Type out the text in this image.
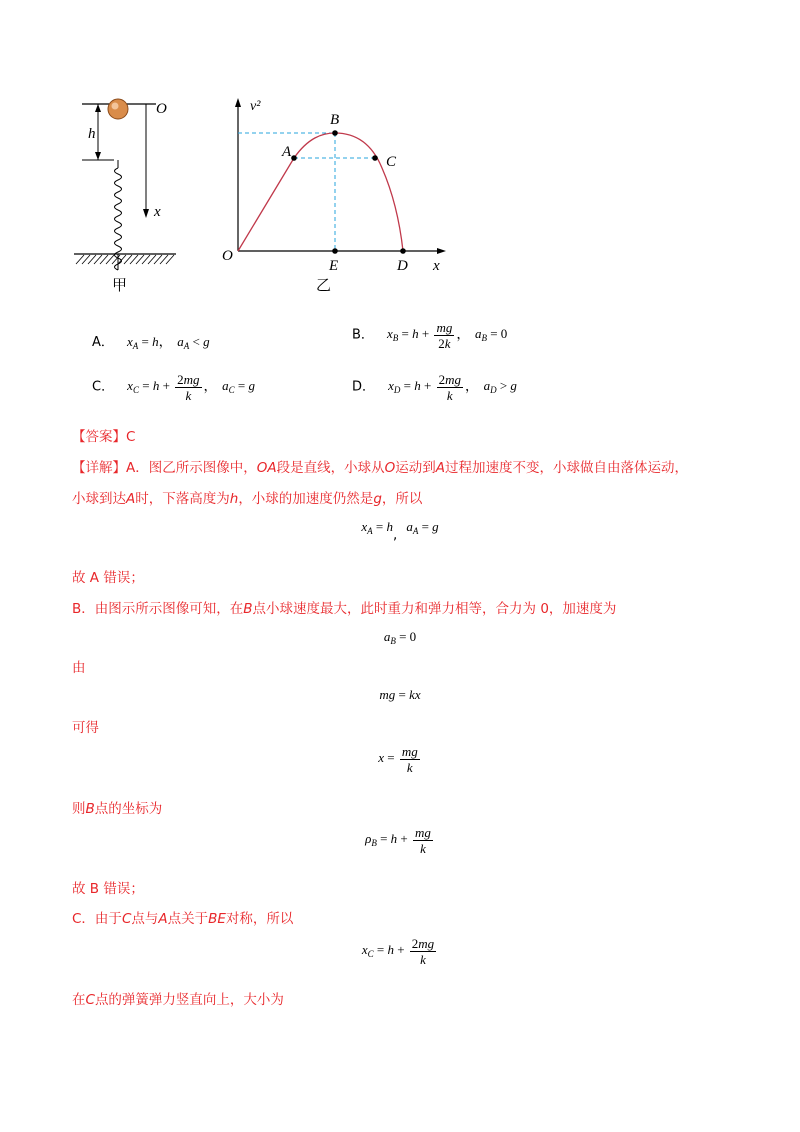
O
h
x
甲
v²
A
B
C
O
E	D x
乙
A． $x_A = h$， $a_A < g$	B． $x_B = h + \frac{mg}{2k}$ ， $a_B = 0$
C． $x_C = h + \frac{2mg}{k}$ ， $a_C = g$	D． $x_D = h + \frac{2mg}{k}$ ， $a_D > g$
【答案】C
【详解】A．图乙所示图像中，OA段是直线，小球从O运动到A过程加速度不变，小球做自由落体运动，
小球到达A时，下落高度为h，小球的加速度仍然是g，所以
$x_A = h_,$ $a_A = g$
故 A 错误；
B．由图示所示图像可知，在B点小球速度最大，此时重力和弹力相等，合力为 0，加速度为
$a_B = 0$
由
mg = kx
可得
$x = \frac{mg}{k}$
则B点的坐标为
$\rho_B = h + \frac{mg}{k}$
故 B 错误；
C．由于C点与A点关于BE对称，所以
$x_C = h + \frac{2mg}{k}$
在C点的弹簧弹力竖直向上，大小为
